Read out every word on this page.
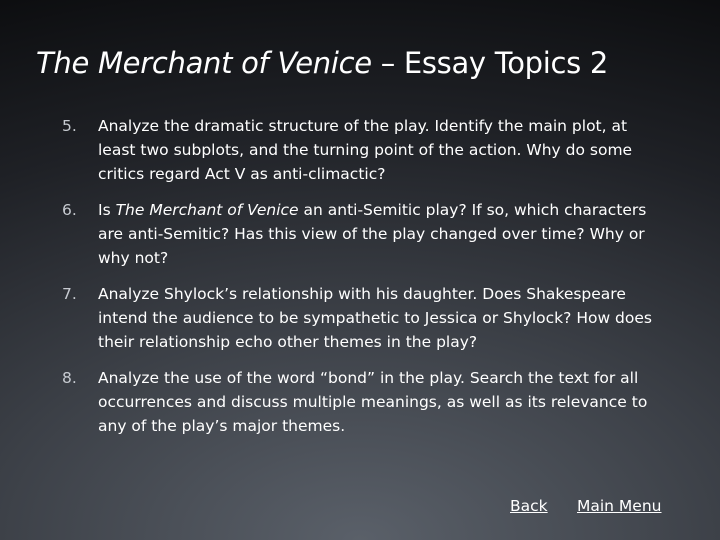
The Merchant of Venice – Essay Topics 2
5. Analyze the dramatic structure of the play. Identify the main plot, at least two subplots, and the turning point of the action. Why do some critics regard Act V as anti-climactic?
6. Is The Merchant of Venice an anti-Semitic play? If so, which characters are anti-Semitic? Has this view of the play changed over time? Why or why not?
7. Analyze Shylock’s relationship with his daughter. Does Shakespeare intend the audience to be sympathetic to Jessica or Shylock? How does their relationship echo other themes in the play?
8. Analyze the use of the word “bond” in the play. Search the text for all occurrences and discuss multiple meanings, as well as its relevance to any of the play’s major themes.
Back Main Menu
